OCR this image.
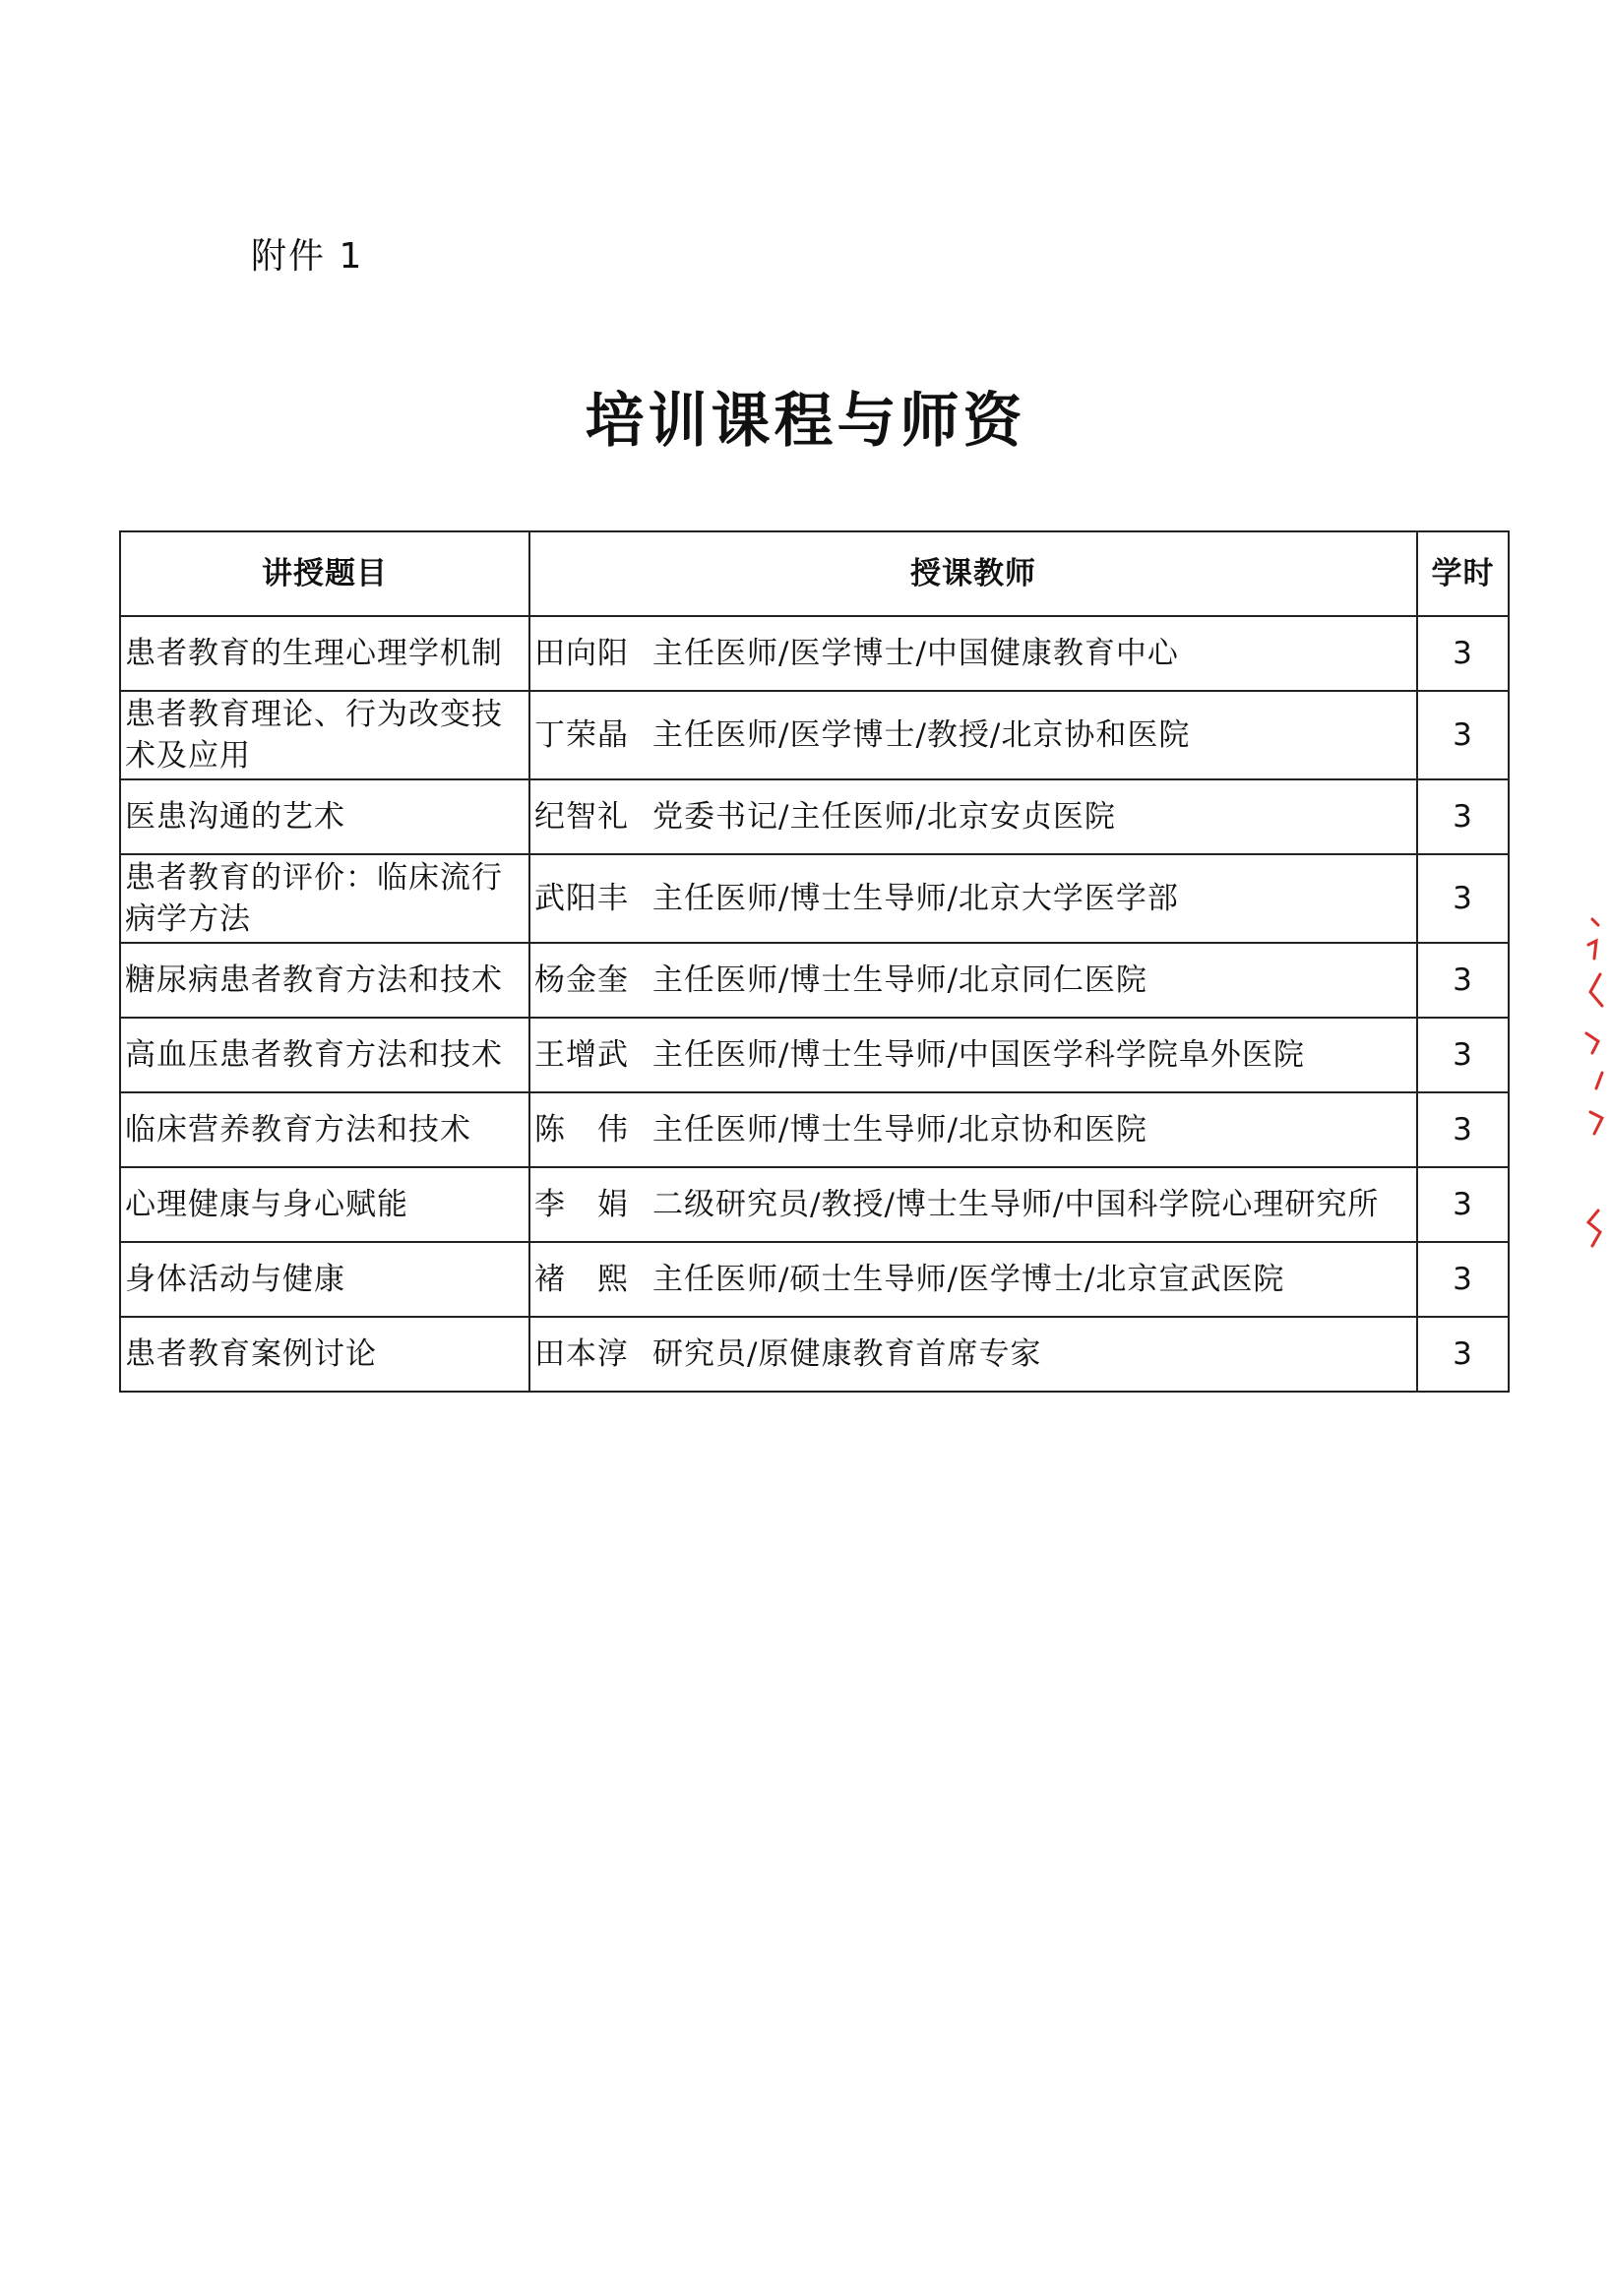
附件 1
培训课程与师资
讲授题目	授课教师	学时
患者教育的生理心理学机制	田向阳 主任医师/医学博士/中国健康教育中心	3
患者教育理论、行为改变技术及应用	丁荣晶 主任医师/医学博士/教授/北京协和医院	3
医患沟通的艺术	纪智礼 党委书记/主任医师/北京安贞医院	3
患者教育的评价：临床流行病学方法	武阳丰 主任医师/博士生导师/北京大学医学部	3
糖尿病患者教育方法和技术	杨金奎 主任医师/博士生导师/北京同仁医院	3
高血压患者教育方法和技术	王增武 主任医师/博士生导师/中国医学科学院阜外医院	3
临床营养教育方法和技术	陈　伟 主任医师/博士生导师/北京协和医院	3
心理健康与身心赋能	李　娟 二级研究员/教授/博士生导师/中国科学院心理研究所	3
身体活动与健康	褚　熙 主任医师/硕士生导师/医学博士/北京宣武医院	3
患者教育案例讨论	田本淳 研究员/原健康教育首席专家	3
